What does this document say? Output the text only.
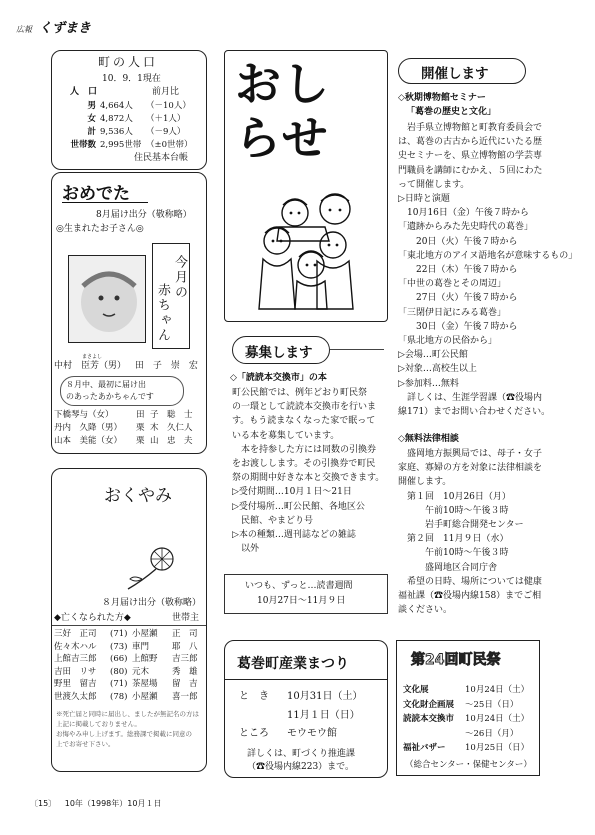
広報 くずまき
町の人口
10．9．1現在
人　口	前月比
男 4,664人 （－10人）
女 4,872人 （＋1人）
計 9,536人 （－9人）
世帯数 2,995世帯 （±0世帯）
住民基本台帳
おめでた
8月届け出分（敬称略）
◎生まれたお子さん◎
今月の
赤ちゃん
中村　臣芳（男） 田　子　崇　宏
まさよし
８月中、最初に届け出
のあったあかちゃんです
下橋琴与（女）	田 子　聡　士
丹内　久降（男） 栗 木　久仁人
山本　美能（女） 栗 山　忠　夫
おくやみ
８月届け出分（敬称略）
◆亡くなられた方◆	世帯主
三好　正司 (71) 小屋瀬 正　司
佐々木ハル (73) 車門	耶　八
上館吉三郎 (66) 上館野 吉三郎
吉田　リサ (80) 元木	秀　雄
野里　留吉 (71) 茶屋場 留　吉
世渡久太郎 (78) 小屋瀬 喜一郎
※死亡届と同時に届出し、ましたが無記名の方は
上記に掲載しておりません。
お悔やみ申し上げます。総務課で掲載に同意の
上でお寄せ下さい。
おし
らせ
募集します
◇「読読本交換市」の本
町公民館では、例年どおり町民祭
の一環として読読本交換市を行いま
す。もう読まなくなった家で眠って
いる本を募集しています。
　本を持参した方には同数の引換券
をお渡しします。その引換券で町民
祭の期間中好きな本と交換できます。
▷受付期間…10月１日～21日
▷受付場所…町公民館、各地区公
　民館、やまどり号
▷本の種類…週刊誌などの雑誌
　以外
いつも、ずっと…読書週間
10月27日～11月９日
葛巻町産業まつり
と　き 10月31日（土）
11月１日（日）
ところ モウモウ館
詳しくは、町づくり推進課
（☎役場内線223）まで。
開催します
◇秋期博物館セミナー
「葛巻の歴史と文化」
　岩手県立博物館と町教育委員会で
は、葛巻の古古から近代にいたる歴
史セミナーを、県立博物館の学芸専
門職員を講師にむかえ、５回にわた
って開催します。
▷日時と演題
　10月16日（金）午後７時から
「遺跡からみた先史時代の葛巻」
　　20日（火）午後７時から
「東北地方のアイヌ語地名が意味するもの」
　　22日（木）午後７時から
「中世の葛巻とその周辺」
　　27日（火）午後７時から
「三閉伊日記にみる葛巻」
　　30日（金）午後７時から
「県北地方の民俗から」
▷会場…町公民館
▷対象…高校生以上
▷参加料…無料
　詳しくは、生涯学習課（☎役場内
線171）までお問い合わせください。
◇無料法律相談
　盛岡地方振興局では、母子・女子
家庭、寡婦の方を対象に法律相談を
開催します。
　第１回　10月26日（月）
　　　午前10時～午後３時
　　　岩手町総合開発センター
　第２回　11月９日（水）
　　　午前10時～午後３時
　　　盛岡地区合同庁舎
　希望の日時、場所については健康
福祉課（☎役場内線158）までご相
談ください。
第24回町民祭
文化展	10月24日（土）
文化財企画展 ～25日（日）
読読本交換市 10月24日（土）
～26日（月）
福祉バザー 10月25日（日）
（総合センター・保健センター）
〔15〕 10年（1998年）10月１日
